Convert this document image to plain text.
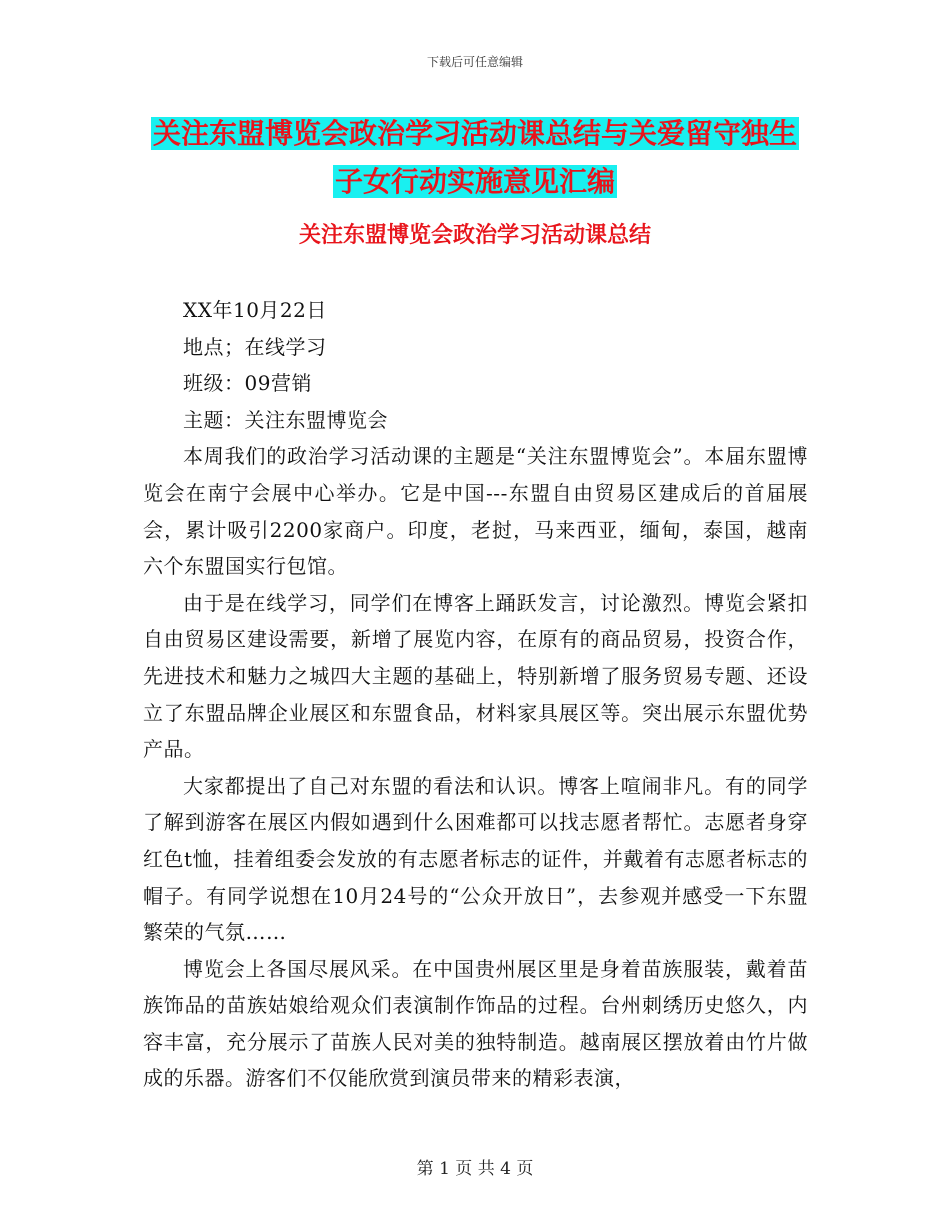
下载后可任意编辑
关注东盟博览会政治学习活动课总结与关爱留守独生
子女行动实施意见汇编
关注东盟博览会政治学习活动课总结

XX年10月22日

地点；在线学习

班级：09营销

主题：关注东盟博览会

本周我们的政治学习活动课的主题是“关注东盟博览会”。本届东盟博览会在南宁会展中心举办。它是中国---东盟自由贸易区建成后的首届展会，累计吸引2200家商户。印度，老挝，马来西亚，缅甸，泰国，越南六个东盟国实行包馆。

由于是在线学习，同学们在博客上踊跃发言，讨论激烈。博览会紧扣自由贸易区建设需要，新增了展览内容，在原有的商品贸易，投资合作，先进技术和魅力之城四大主题的基础上，特别新增了服务贸易专题、还设立了东盟品牌企业展区和东盟食品，材料家具展区等。突出展示东盟优势产品。

大家都提出了自己对东盟的看法和认识。博客上喧闹非凡。有的同学了解到游客在展区内假如遇到什么困难都可以找志愿者帮忙。志愿者身穿红色t恤，挂着组委会发放的有志愿者标志的证件，并戴着有志愿者标志的帽子。有同学说想在10月24号的“公众开放日”，去参观并感受一下东盟繁荣的气氛……

博览会上各国尽展风采。在中国贵州展区里是身着苗族服装，戴着苗族饰品的苗族姑娘给观众们表演制作饰品的过程。台州刺绣历史悠久，内容丰富，充分展示了苗族人民对美的独特制造。越南展区摆放着由竹片做成的乐器。游客们不仅能欣赏到演员带来的精彩表演，

第 1 页 共 4 页
